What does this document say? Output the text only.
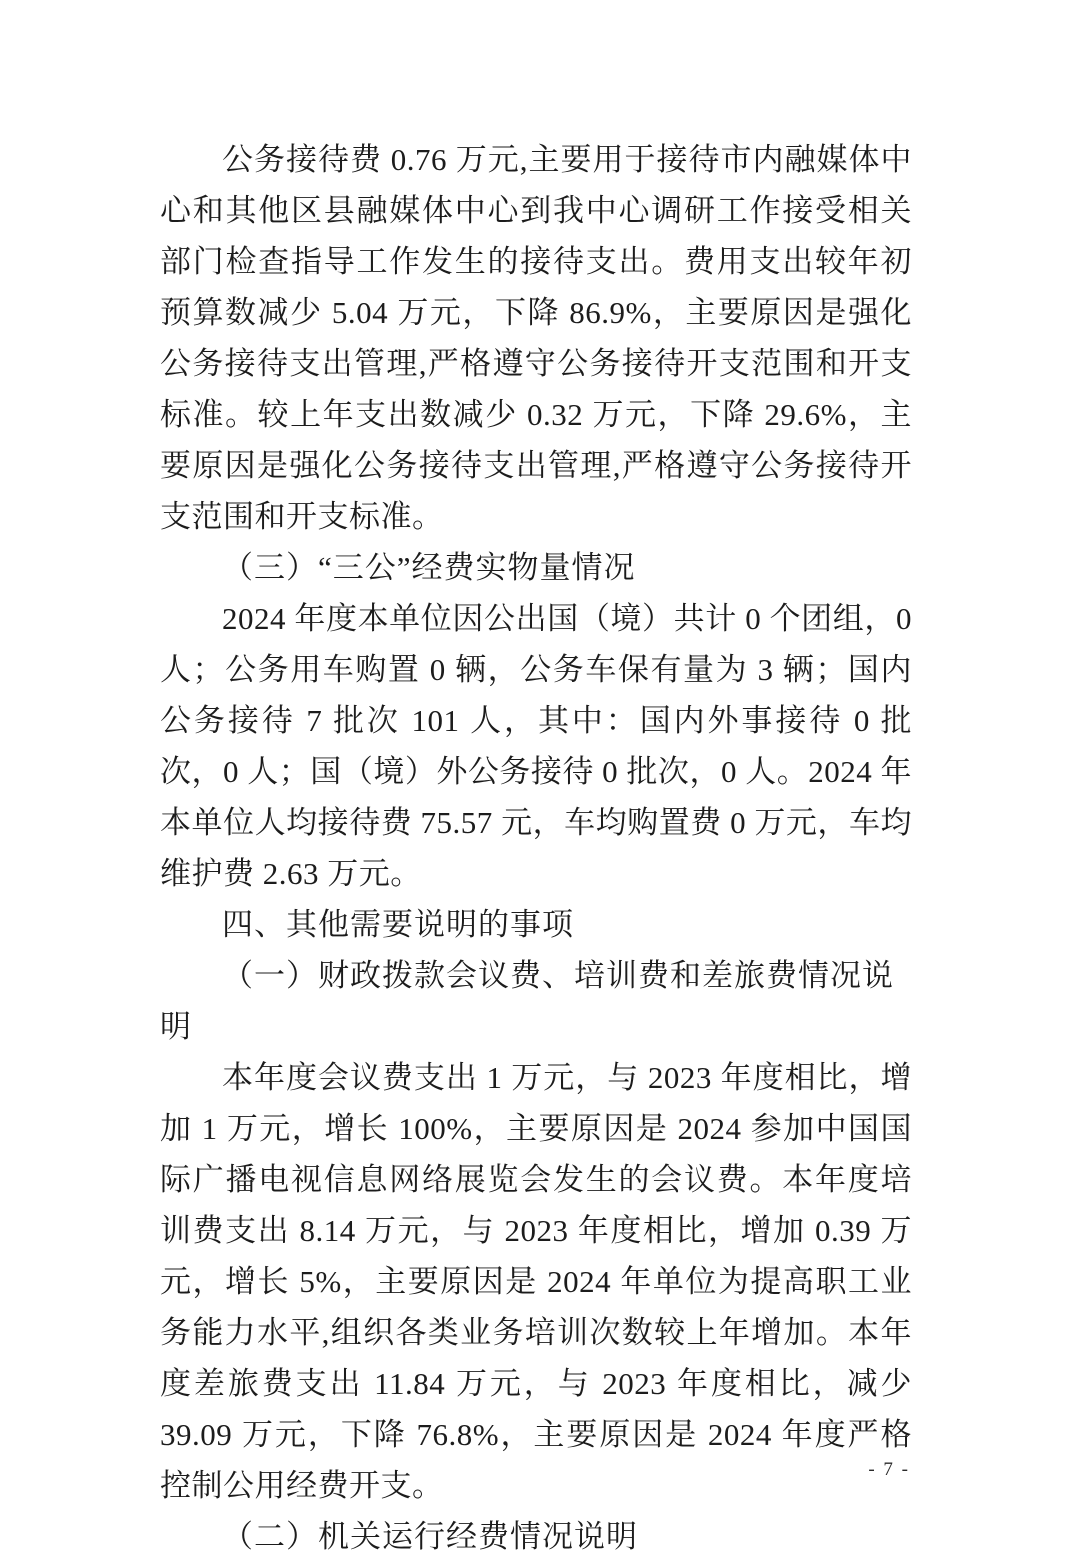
公务接待费 0.76 万元,主要用于接待市内融媒体中心和其他区县融媒体中心到我中心调研工作接受相关部门检查指导工作发生的接待支出。费用支出较年初预算数减少 5.04 万元，下降 86.9%，主要原因是强化公务接待支出管理,严格遵守公务接待开支范围和开支标准。较上年支出数减少 0.32 万元，下降 29.6%，主要原因是强化公务接待支出管理,严格遵守公务接待开支范围和开支标准。

（三）“三公”经费实物量情况

2024 年度本单位因公出国（境）共计 0 个团组，0 人；公务用车购置 0 辆，公务车保有量为 3 辆；国内公务接待 7 批次 101 人，其中：国内外事接待 0 批次，0 人；国（境）外公务接待 0 批次，0 人。2024 年本单位人均接待费 75.57 元，车均购置费 0 万元，车均维护费 2.63 万元。

四、其他需要说明的事项
（一）财政拨款会议费、培训费和差旅费情况说明

本年度会议费支出 1 万元，与 2023 年度相比，增加 1 万元，增长 100%，主要原因是 2024 参加中国国际广播电视信息网络展览会发生的会议费。本年度培训费支出 8.14 万元，与 2023 年度相比，增加 0.39 万元，增长 5%，主要原因是 2024 年单位为提高职工业务能力水平,组织各类业务培训次数较上年增加。本年度差旅费支出 11.84 万元，与 2023 年度相比，减少 39.09 万元，下降 76.8%，主要原因是 2024 年度严格控制公用经费开支。

（二）机关运行经费情况说明
- 7 -
